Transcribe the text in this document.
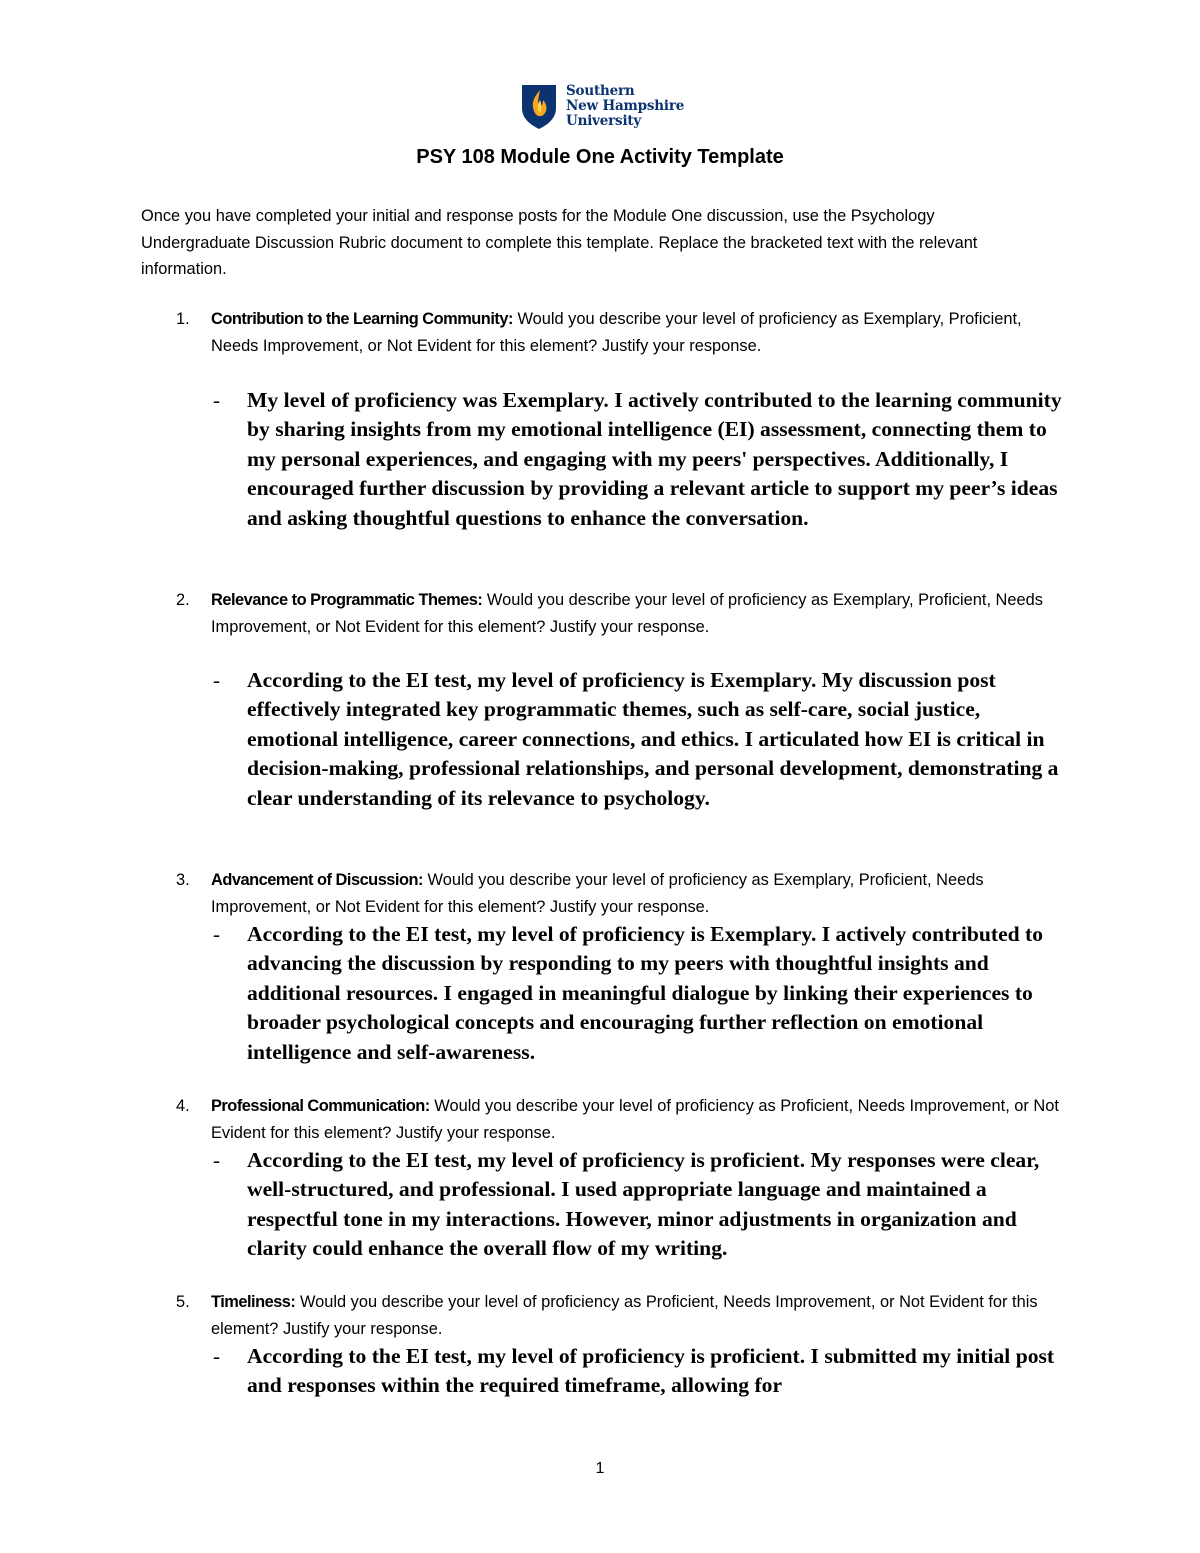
Southern
New Hampshire
University
PSY 108 Module One Activity Template
Once you have completed your initial and response posts for the Module One discussion, use the Psychology Undergraduate Discussion Rubric document to complete this template. Replace the bracketed text with the relevant information.
1. Contribution to the Learning Community: Would you describe your level of proficiency as Exemplary, Proficient, Needs Improvement, or Not Evident for this element? Justify your response.
- My level of proficiency was Exemplary. I actively contributed to the learning community by sharing insights from my emotional intelligence (EI) assessment, connecting them to my personal experiences, and engaging with my peers' perspectives. Additionally, I encouraged further discussion by providing a relevant article to support my peer’s ideas and asking thoughtful questions to enhance the conversation.
2. Relevance to Programmatic Themes: Would you describe your level of proficiency as Exemplary, Proficient, Needs Improvement, or Not Evident for this element? Justify your response.
- According to the EI test, my level of proficiency is Exemplary. My discussion post effectively integrated key programmatic themes, such as self-care, social justice, emotional intelligence, career connections, and ethics. I articulated how EI is critical in decision-making, professional relationships, and personal development, demonstrating a clear understanding of its relevance to psychology.
3. Advancement of Discussion: Would you describe your level of proficiency as Exemplary, Proficient, Needs Improvement, or Not Evident for this element? Justify your response.
- According to the EI test, my level of proficiency is Exemplary. I actively contributed to advancing the discussion by responding to my peers with thoughtful insights and additional resources. I engaged in meaningful dialogue by linking their experiences to broader psychological concepts and encouraging further reflection on emotional intelligence and self-awareness.
4. Professional Communication: Would you describe your level of proficiency as Proficient, Needs Improvement, or Not Evident for this element? Justify your response.
- According to the EI test, my level of proficiency is proficient. My responses were clear, well-structured, and professional. I used appropriate language and maintained a respectful tone in my interactions. However, minor adjustments in organization and clarity could enhance the overall flow of my writing.
5. Timeliness: Would you describe your level of proficiency as Proficient, Needs Improvement, or Not Evident for this element? Justify your response.
- According to the EI test, my level of proficiency is proficient. I submitted my initial post and responses within the required timeframe, allowing for
1
